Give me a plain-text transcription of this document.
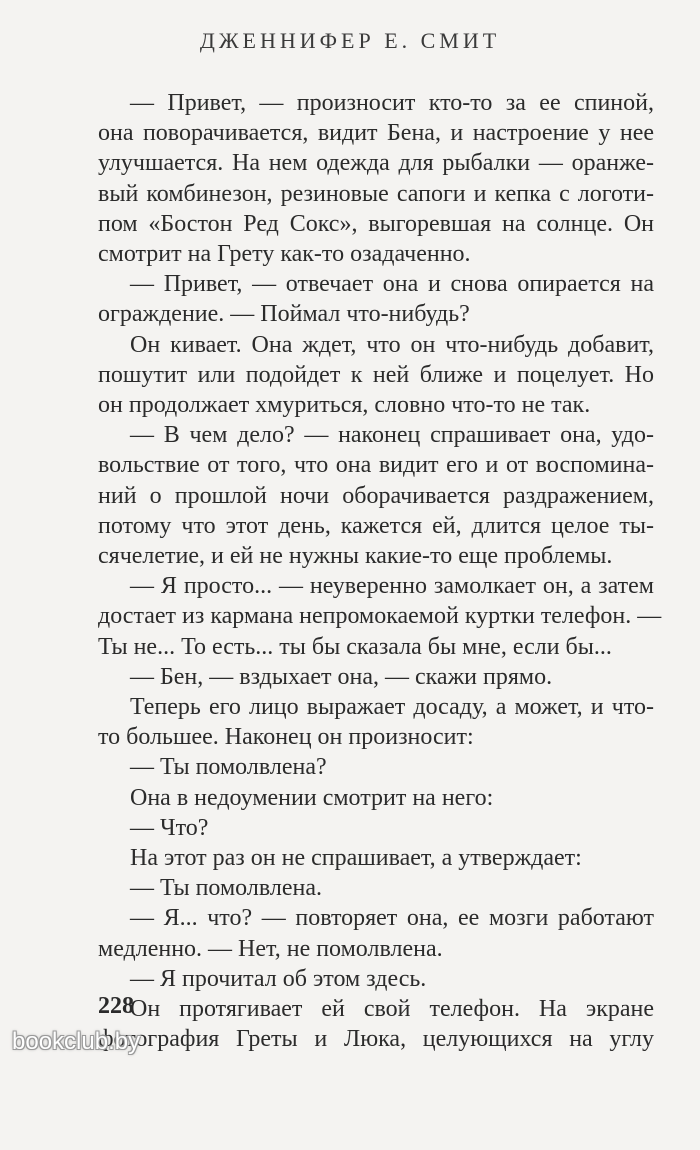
ДЖЕННИФЕР Е. СМИТ
— Привет, — произносит кто-то за ее спиной,
она поворачивается, видит Бена, и настроение у нее
улучшается. На нем одежда для рыбалки — оранже-
вый комбинезон, резиновые сапоги и кепка с логоти-
пом «Бостон Ред Сокс», выгоревшая на солнце. Он
смотрит на Грету как-то озадаченно.
— Привет, — отвечает она и снова опирается на
ограждение. — Поймал что-нибудь?
Он кивает. Она ждет, что он что-нибудь добавит,
пошутит или подойдет к ней ближе и поцелует. Но
он продолжает хмуриться, словно что-то не так.
— В чем дело? — наконец спрашивает она, удо-
вольствие от того, что она видит его и от воспомина-
ний о прошлой ночи оборачивается раздражением,
потому что этот день, кажется ей, длится целое ты-
сячелетие, и ей не нужны какие-то еще проблемы.
— Я просто... — неуверенно замолкает он, а затем
достает из кармана непромокаемой куртки телефон. —
Ты не... То есть... ты бы сказала бы мне, если бы...
— Бен, — вздыхает она, — скажи прямо.
Теперь его лицо выражает досаду, а может, и что-
то большее. Наконец он произносит:
— Ты помолвлена?
Она в недоумении смотрит на него:
— Что?
На этот раз он не спрашивает, а утверждает:
— Ты помолвлена.
— Я... что? — повторяет она, ее мозги работают
медленно. — Нет, не помолвлена.
— Я прочитал об этом здесь.
Он протягивает ей свой телефон. На экране
фотография Греты и Люка, целующихся на углу
228
bookclub.by
